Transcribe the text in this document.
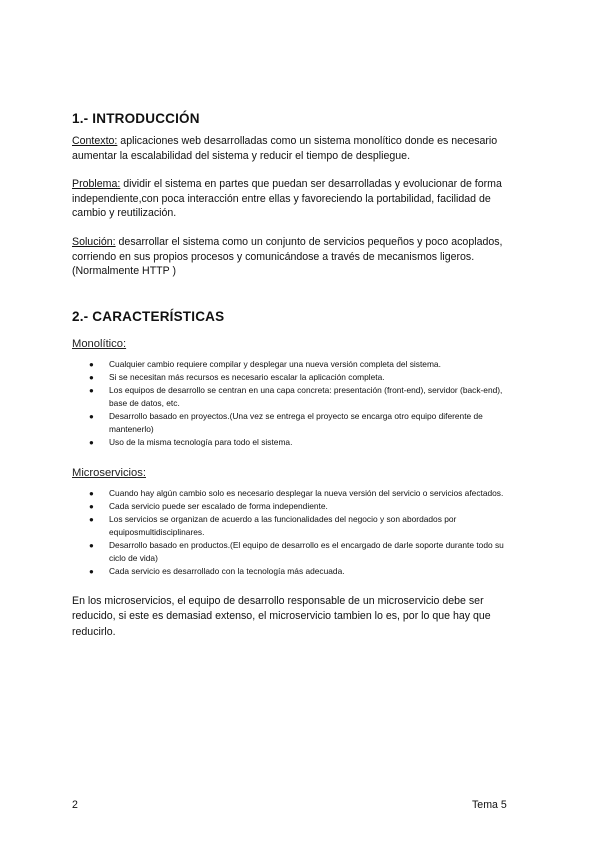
1.- INTRODUCCIÓN

Contexto: aplicaciones web desarrolladas como un sistema monolítico donde es necesario aumentar la escalabilidad del sistema y reducir el tiempo de despliegue.

Problema: dividir el sistema en partes que puedan ser desarrolladas y evolucionar de forma independiente,con poca interacción entre ellas y favoreciendo la portabilidad, facilidad de cambio y reutilización.

Solución: desarrollar el sistema como un conjunto de servicios pequeños y poco acoplados, corriendo en sus propios procesos y comunicándose a través de mecanismos ligeros.(Normalmente HTTP )

2.- CARACTERÍSTICAS
Monolítico:
● Cualquier cambio requiere compilar y desplegar una nueva versión completa del sistema.
● Si se necesitan más recursos es necesario escalar la aplicación completa.
● Los equipos de desarrollo se centran en una capa concreta: presentación (front-end), servidor (back-end), base de datos, etc.
● Desarrollo basado en proyectos.(Una vez se entrega el proyecto se encarga otro equipo diferente de mantenerlo)
● Uso de la misma tecnología para todo el sistema.
Microservicios:
● Cuando hay algún cambio solo es necesario desplegar la nueva versión del servicio o servicios afectados.
● Cada servicio puede ser escalado de forma independiente.
● Los servicios se organizan de acuerdo a las funcionalidades del negocio y son abordados por equiposmultidisciplinares.
● Desarrollo basado en productos.(El equipo de desarrollo es el encargado de darle soporte durante todo su ciclo de vida)
● Cada servicio es desarrollado con la tecnología más adecuada.

En los microservicios, el equipo de desarrollo responsable de un microservicio debe ser reducido, si este es demasiad extenso, el microservicio tambien lo es, por lo que hay que reducirlo.

2	Tema 5
